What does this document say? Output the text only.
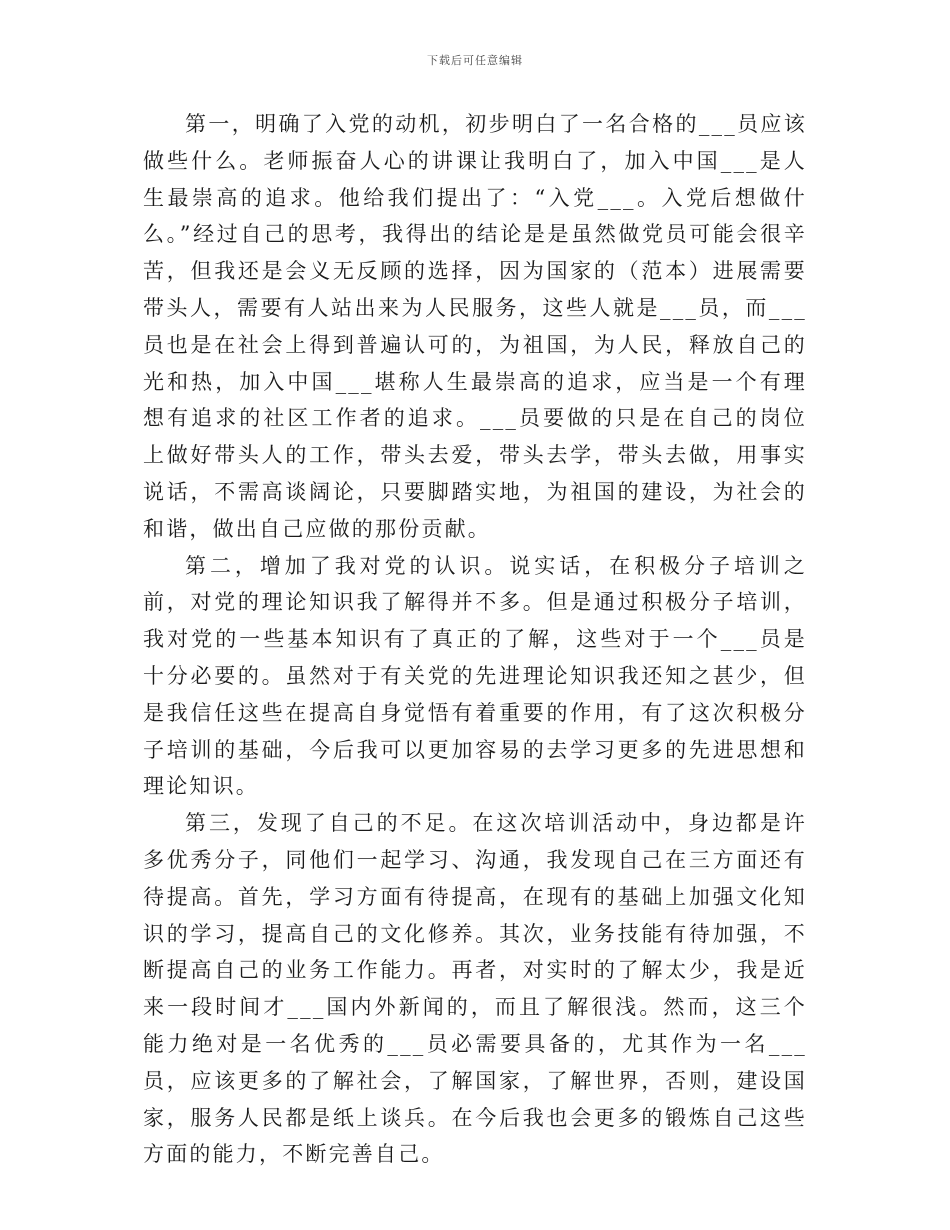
下载后可任意编辑

第一，明确了入党的动机，初步明白了一名合格的___员应该做些什么。老师振奋人心的讲课让我明白了，加入中国___是人生最崇高的追求。他给我们提出了：“入党___。入党后想做什么。”经过自己的思考，我得出的结论是是虽然做党员可能会很辛苦，但我还是会义无反顾的选择，因为国家的（范本）进展需要带头人，需要有人站出来为人民服务，这些人就是___员，而___员也是在社会上得到普遍认可的，为祖国，为人民，释放自己的光和热，加入中国___堪称人生最崇高的追求，应当是一个有理想有追求的社区工作者的追求。___员要做的只是在自己的岗位上做好带头人的工作，带头去爱，带头去学，带头去做，用事实说话，不需高谈阔论，只要脚踏实地，为祖国的建设，为社会的和谐，做出自己应做的那份贡献。

第二，增加了我对党的认识。说实话，在积极分子培训之前，对党的理论知识我了解得并不多。但是通过积极分子培训，我对党的一些基本知识有了真正的了解，这些对于一个___员是十分必要的。虽然对于有关党的先进理论知识我还知之甚少，但是我信任这些在提高自身觉悟有着重要的作用，有了这次积极分子培训的基础，今后我可以更加容易的去学习更多的先进思想和理论知识。

第三，发现了自己的不足。在这次培训活动中，身边都是许多优秀分子，同他们一起学习、沟通，我发现自己在三方面还有待提高。首先，学习方面有待提高，在现有的基础上加强文化知识的学习，提高自己的文化修养。其次，业务技能有待加强，不断提高自己的业务工作能力。再者，对实时的了解太少，我是近来一段时间才___国内外新闻的，而且了解很浅。然而，这三个能力绝对是一名优秀的___员必需要具备的，尤其作为一名___员，应该更多的了解社会，了解国家，了解世界，否则，建设国家，服务人民都是纸上谈兵。在今后我也会更多的锻炼自己这些方面的能力，不断完善自己。
